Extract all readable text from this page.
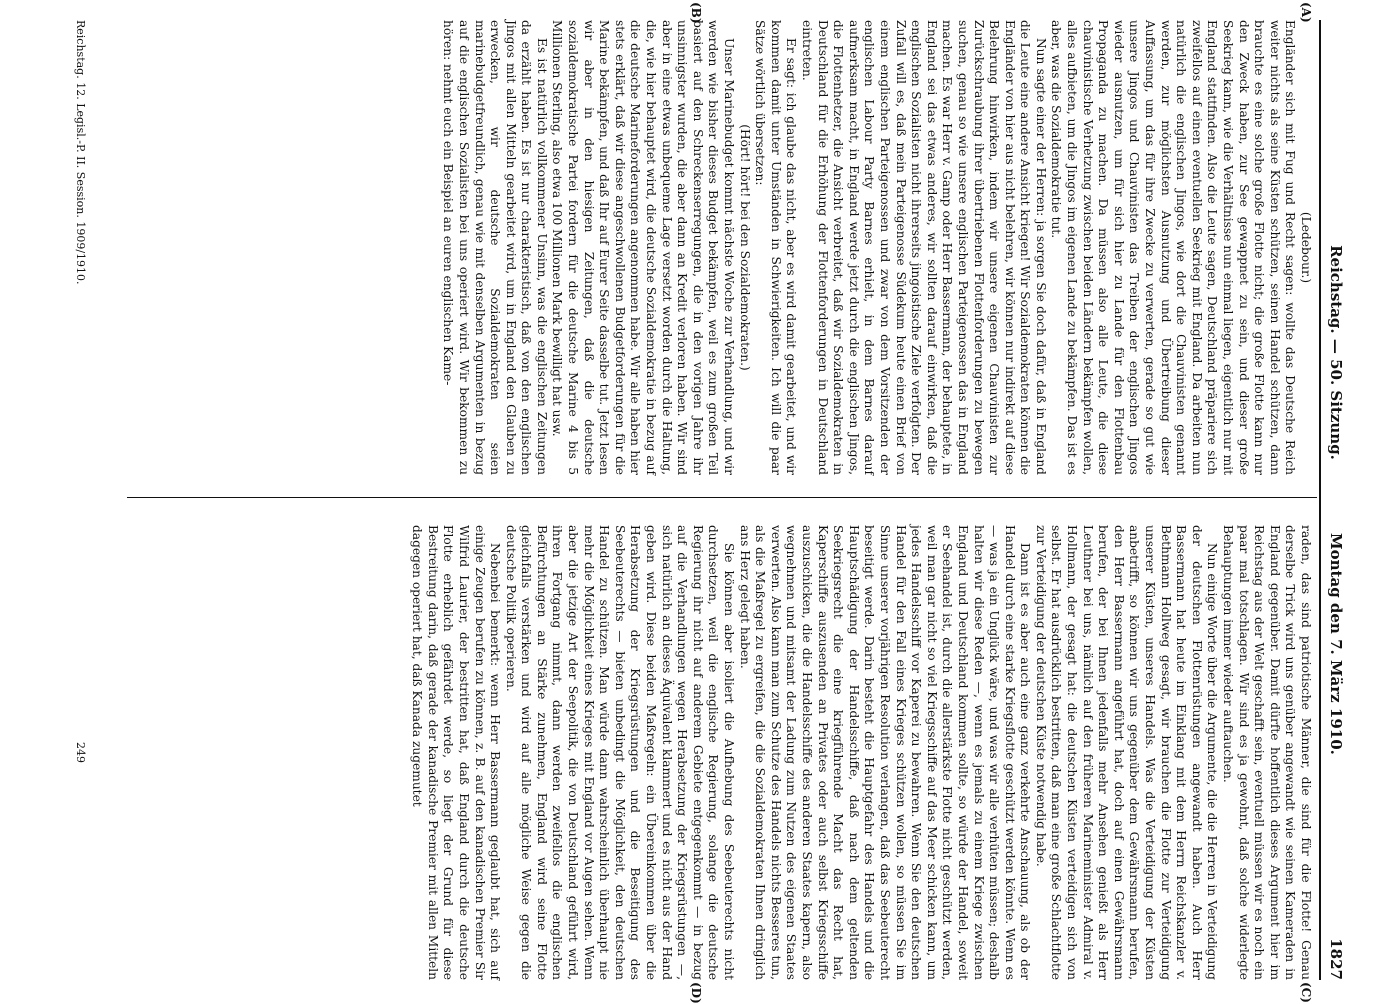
Reichstag. — 50. Sitzung.              Montag den 7. März 1910.
1827
(A)
(B)
(C)
(D)

(Ledebour.)

Engländer sich mit Fug und Recht sagen: wollte das Deutsche Reich weiter nichts als seine Küsten schützen, seinen Handel schützen, dann brauchte es eine solche große Flotte nicht; die große Flotte kann nur den Zweck haben, zur See gewappnet zu sein, und dieser große Seekrieg kann, wie die Verhältnisse nun einmal liegen, eigentlich nur mit England stattfinden. Also die Leute sagen, Deutschland präpariere sich zweifellos auf einen eventuellen Seekrieg mit England. Da arbeiten nun natürlich die englischen Jingos, wie dort die Chauvinisten genannt werden, zur möglichsten Ausnutzung und Übertreibung dieser Auffassung, um das für ihre Zwecke zu verwerten, gerade so gut wie unsere Jingos und Chauvinisten das Treiben der englischen Jingos wieder ausnutzen, um für sich hier zu Lande für den Flottenbau Propaganda zu machen. Da müssen also alle Leute, die diese chauvinistische Verhetzung zwischen beiden Ländern bekämpfen wollen, alles aufbieten, um die Jingos im eigenen Lande zu bekämpfen. Das ist es aber, was die Sozialdemokratie tut.

Nun sagte einer der Herren: ja sorgen Sie doch dafür, daß in England die Leute eine andere Ansicht kriegen! Wir Sozialdemokraten können die Engländer von hier aus nicht belehren, wir können nur indirekt auf diese Belehrung hinwirken, indem wir unsere eigenen Chauvinisten zur Zurückschraubung ihrer übertriebenen Flottenforderungen zu bewegen suchen, genau so wie unsere englischen Parteigenossen das in England machen. Es war Herr v. Gamp oder Herr Bassermann, der behauptete, in England sei das etwas anderes, wir sollten darauf einwirken, daß die englischen Sozialisten nicht ihrerseits jingoistische Ziele verfolgten. Der Zufall will es, daß mein Parteigenosse Südekum heute einen Brief von einem englischen Parteigenossen und zwar von dem Vorsitzenden der englischen Labour Party Barnes erhielt, in dem Barnes darauf aufmerksam macht, in England werde jetzt durch die englischen Jingos, die Flottenhetzer, die Ansicht verbreitet, daß wir Sozialdemokraten in Deutschland für die Erhöhung der Flottenforderungen in Deutschland eintreten.

Er sagt: ich glaube das nicht, aber es wird damit gearbeitet, und wir kommen damit unter Umständen in Schwierigkeiten. Ich will die paar Sätze wörtlich übersetzen:

(Hört! hört! bei den Sozialdemokraten.)

Unser Marinebudget kommt nächste Woche zur Verhandlung, und wir werden wie bisher dieses Budget bekämpfen, weil es zum großen Teil basiert auf den Schreckenserregungen, die in den vorigen Jahre ihr unsinnigster wurden, die aber dann an Kredit verloren haben. Wir sind aber in eine etwas unbequeme Lage versetzt worden durch die Haltung, die, wie hier behauptet wird, die deutsche Sozialdemokratie in bezug auf die deutsche Marineforderungen angenommen habe. Wir alle haben hier stets erklärt, daß wir diese angeschwollenen Budgetforderungen für die Marine bekämpfen, und daß Ihr auf Eurer Seite dasselbe tut. Jetzt lesen wir aber in den hiesigen Zeitungen, daß die deutsche sozialdemokratische Partei fordern für die deutsche Marine 4 bis 5 Millionen Sterling, also etwa 100 Millionen Mark bewilligt hat usw.

Es ist natürlich vollkommener Unsinn, was die englischen Zeitungen da erzählt haben. Es ist nur charakteristisch, daß von den englischen Jingos mit allen Mitteln gearbeitet wird, um in England den Glauben zu erwecken, wir deutsche Sozialdemokraten seien marinebudgetfreundlich, genau wie mit denselben Argumenten in bezug auf die englischen Sozialisten bei uns operiert wird. Wir bekommen zu hören: nehmt euch ein Beispiel an euren englischen Kame-

raden, das sind patriotische Männer, die sind für die Flotte! Genau derselbe Trick wird uns genüber angewandt wie seinen Kameraden in England gegenüber. Damit dürfte hoffentlich dieses Argument hier im Reichstag aus der Welt geschafft sein, eventuell müssen wir es noch ein paar mal totschlagen. Wir sind es ja gewohnt, daß solche widerlegte Behauptungen immer wieder auftauchen.

Nun einige Worte über die Argumente, die die Herren in Verteidigung der deutschen Flottenrüstungen angewandt haben. Auch Herr Bassermann hat heute im Einklang mit dem Herrn Reichskanzler v. Bethmann Hollweg gesagt, wir brauchen die Flotte zur Verteidigung unserer Küsten, unseres Handels. Was die Verteidigung der Küsten anbetrifft, so können wir uns gegenüber dem Gewährsmann berufen, den Herr Bassermann angeführt hat, doch auf einen Gewährsmann berufen, der bei Ihnen jedenfalls mehr Ansehen genießt als Herr Leuthner bei uns, nämlich auf den früheren Marineminister Admiral v. Hollmann, der gesagt hat: die deutschen Küsten verteidigen sich von selbst. Er hat ausdrücklich bestritten, daß man eine große Schlachtflotte zur Verteidigung der deutschen Küste notwendig habe.

Dann ist es aber auch eine ganz verkehrte Anschauung, als ob der Handel durch eine starke Kriegsflotte geschützt werden könnte. Wenn es — was ja ein Unglück wäre, und was wir alle verhüten müssen; deshalb halten wir diese Reden —, wenn es jemals zu einem Kriege zwischen England und Deutschland kommen sollte, so würde der Handel, soweit er Seehandel ist, durch die allerstärkste Flotte nicht geschützt werden, weil man gar nicht so viel Kriegsschiffe auf das Meer schicken kann, um jedes Handelsschiff vor Kaperei zu bewahren. Wenn Sie den deutschen Handel für den Fall eines Krieges schützen wollen, so müssen Sie im Sinne unserer vorjährigen Resolution verlangen, daß das Seebeuterecht beseitigt werde. Darin besteht die Hauptgefahr des Handels und die Hauptschädigung der Handelsschiffe, daß nach dem geltenden Seekriegsrecht die eine kriegführende Macht das Recht hat, Kaperschiffe auszusenden an Privates oder auch selbst Kriegsschiffe auszuschicken, die die Handelsschiffe des anderen Staates kapern, also wegnehmen und mitsamt der Ladung zum Nutzen des eigenen Staates verwerten. Also kann man zum Schutze des Handels nichts Besseres tun, als die Maßregel zu ergreifen, die die Sozialdemokraten Ihnen dringlich ans Herz gelegt haben.

Sie können aber isoliert die Aufhebung des Seebeuterechts nicht durchsetzen, weil die englische Regierung, solange die deutsche Regierung ihr nicht auf anderem Gebiete entgegenkommt — in bezug auf die Verhandlungen wegen Herabsetzung der Kriegsrüstungen —, sich natürlich an dieses Äquivalent klammert und es nicht aus der Hand geben wird. Diese beiden Maßregeln: ein Übereinkommen über die Herabsetzung der Kriegsrüstungen und die Beseitigung des Seebeuterechts — bieten unbedingt die Möglichkeit, den deutschen Handel zu schützen. Man würde dann wahrscheinlich überhaupt nie mehr die Möglichkeit eines Krieges mit England vor Augen sehen. Wenn aber die jetzige Art der Seepolitik, die von Deutschland geführt wird, ihren Fortgang nimmt, dann werden zweifellos die englischen Befürchtungen an Stärke zunehmen, England wird seine Flotte gleichfalls verstärken und wird auf alle mögliche Weise gegen die deutsche Politik operieren.

Nebenbei bemerkt: wenn Herr Bassermann geglaubt hat, sich auf einige Zeugen berufen zu können, z. B. auf den kanadischen Premier Sir Wilfrid Laurier, der bestritten hat, daß England durch die deutsche Flotte erheblich gefährdet werde, so liegt der Grund für diese Bestreitung darin, daß gerade der kanadische Premier mit allen Mitteln dagegen operiert hat, daß Kanada zugemutet

Reichstag. 12. Legisl.-P. II. Session. 1909/1910.
249
